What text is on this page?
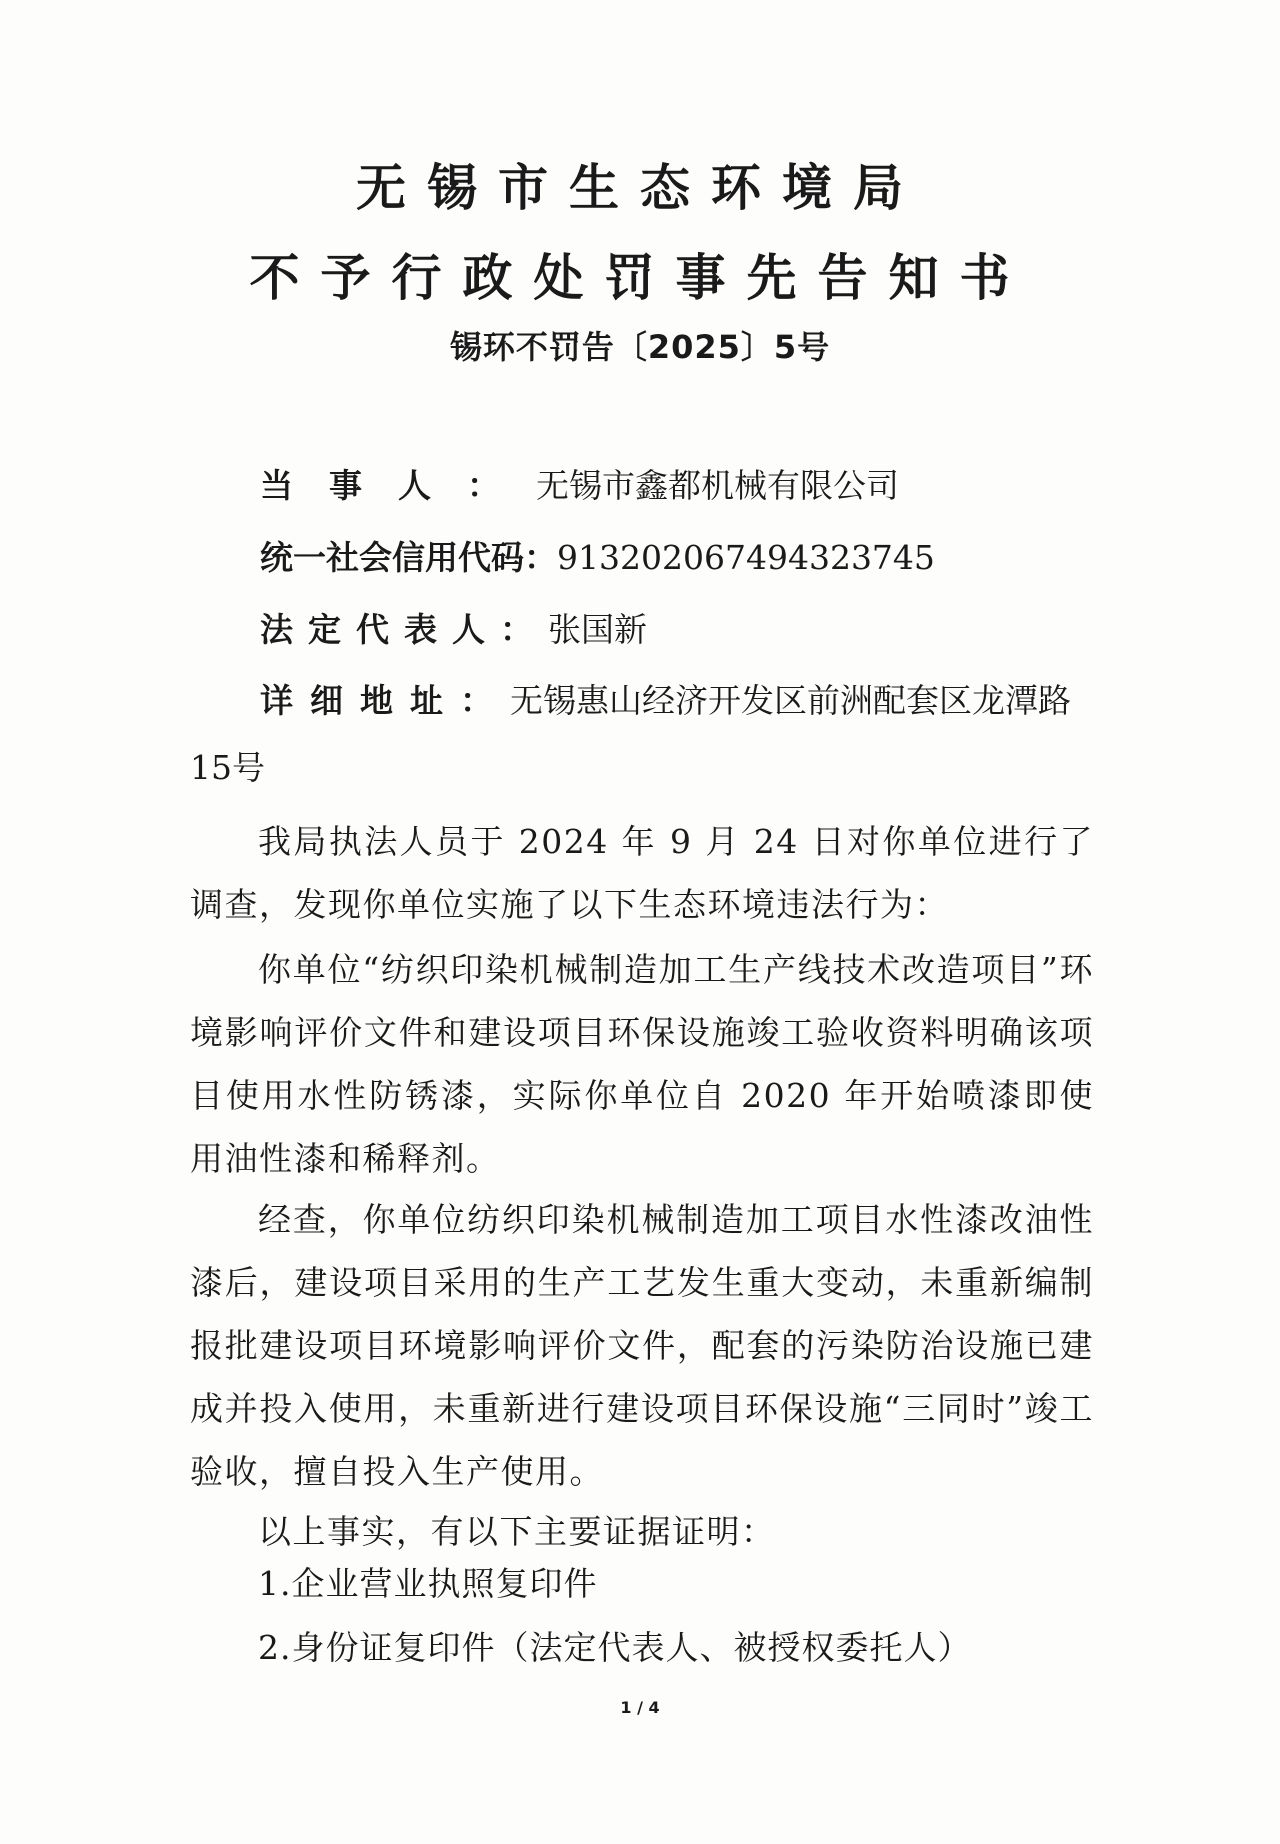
无锡市生态环境局
不予行政处罚事先告知书
锡环不罚告〔2025〕5号
当事人：无锡市鑫都机械有限公司
统一社会信用代码：913202067494323745
法定代表人：张国新
详细地址：无锡惠山经济开发区前洲配套区龙潭路
15号
我局执法人员于 2024 年 9 月 24 日对你单位进行了调查，发现你单位实施了以下生态环境违法行为：
你单位“纺织印染机械制造加工生产线技术改造项目”环境影响评价文件和建设项目环保设施竣工验收资料明确该项目使用水性防锈漆，实际你单位自 2020 年开始喷漆即使用油性漆和稀释剂。
经查，你单位纺织印染机械制造加工项目水性漆改油性漆后，建设项目采用的生产工艺发生重大变动，未重新编制报批建设项目环境影响评价文件，配套的污染防治设施已建成并投入使用，未重新进行建设项目环保设施“三同时”竣工验收，擅自投入生产使用。
以上事实，有以下主要证据证明：
1.企业营业执照复印件
2.身份证复印件（法定代表人、被授权委托人）
1 / 4
